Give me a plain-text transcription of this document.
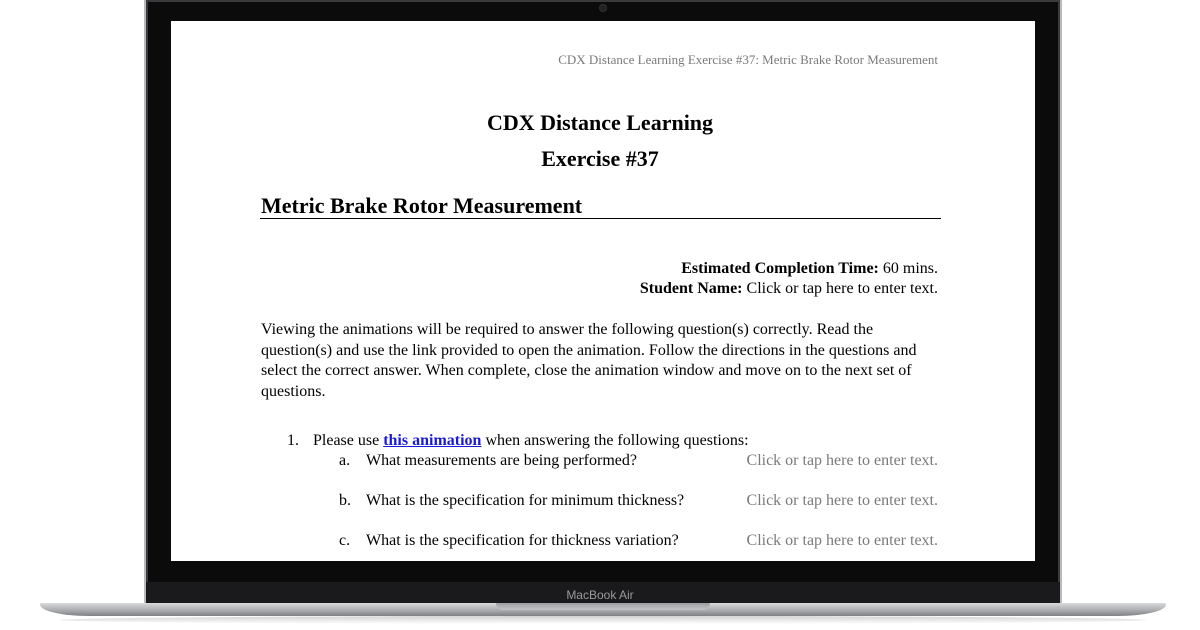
CDX Distance Learning Exercise #37: Metric Brake Rotor Measurement
CDX Distance Learning
Exercise #37
Metric Brake Rotor Measurement
Estimated Completion Time: 60 mins.
Student Name: Click or tap here to enter text.
Viewing the animations will be required to answer the following question(s) correctly. Read the question(s) and use the link provided to open the animation. Follow the directions in the questions and select the correct answer. When complete, close the animation window and move on to the next set of questions.
1. Please use this animation when answering the following questions:
a. What measurements are being performed?	Click or tap here to enter text.
b. What is the specification for minimum thickness?	Click or tap here to enter text.
c. What is the specification for thickness variation?	Click or tap here to enter text.
MacBook Air
